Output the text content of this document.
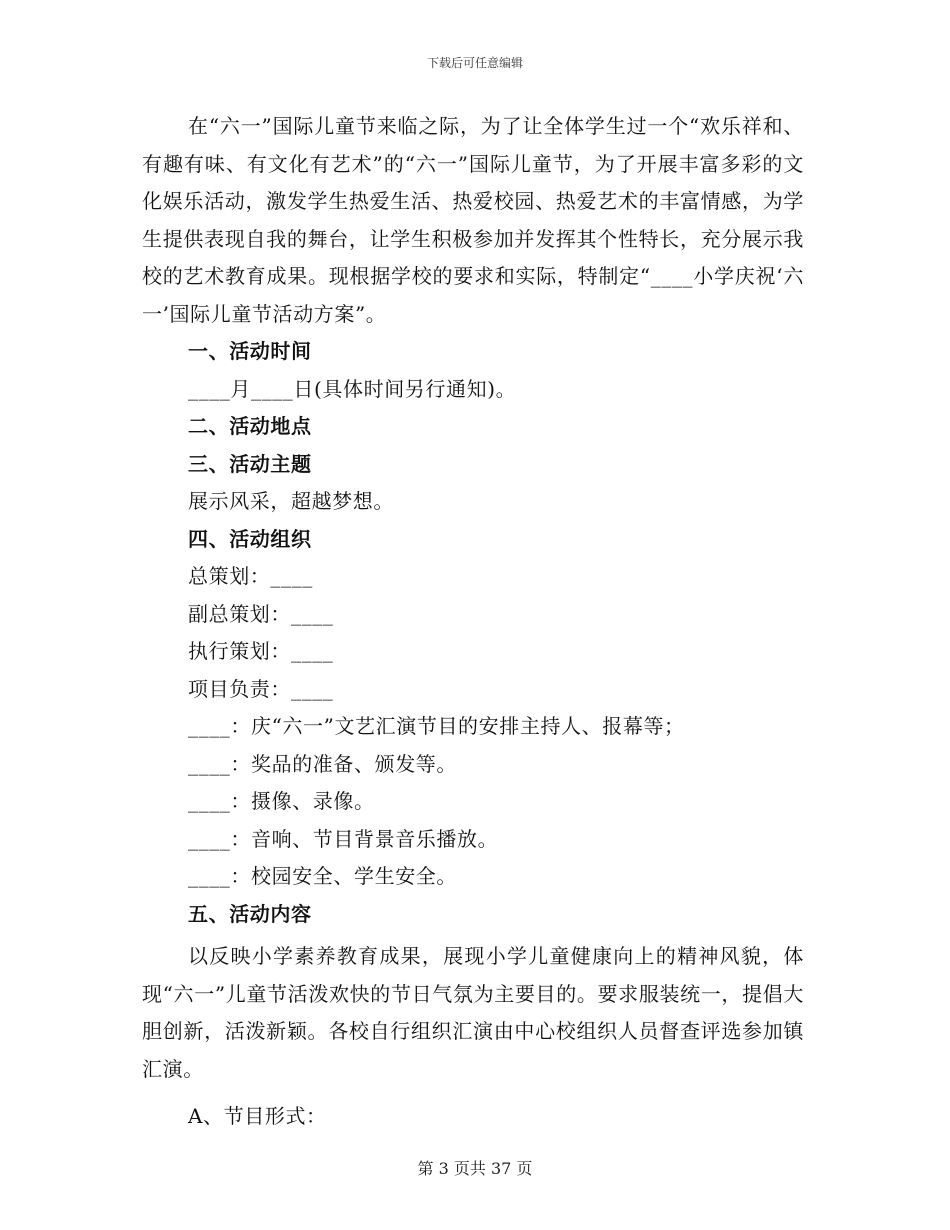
下载后可任意编辑

在“六一”国际儿童节来临之际，为了让全体学生过一个“欢乐祥和、有趣有味、有文化有艺术”的“六一”国际儿童节，为了开展丰富多彩的文化娱乐活动，激发学生热爱生活、热爱校园、热爱艺术的丰富情感，为学生提供表现自我的舞台，让学生积极参加并发挥其个性特长，充分展示我校的艺术教育成果。现根据学校的要求和实际，特制定“____小学庆祝‘六一’国际儿童节活动方案”。

一、活动时间

____月____日(具体时间另行通知)。

二、活动地点

三、活动主题

展示风采，超越梦想。

四、活动组织

总策划：____

副总策划：____

执行策划：____

项目负责：____

____：庆“六一”文艺汇演节目的安排主持人、报幕等；

____：奖品的准备、颁发等。

____：摄像、录像。

____：音响、节目背景音乐播放。

____：校园安全、学生安全。

五、活动内容

以反映小学素养教育成果，展现小学儿童健康向上的精神风貌，体现“六一”儿童节活泼欢快的节日气氛为主要目的。要求服装统一，提倡大胆创新，活泼新颖。各校自行组织汇演由中心校组织人员督查评选参加镇汇演。

A、节目形式：

第 3 页共 37 页
